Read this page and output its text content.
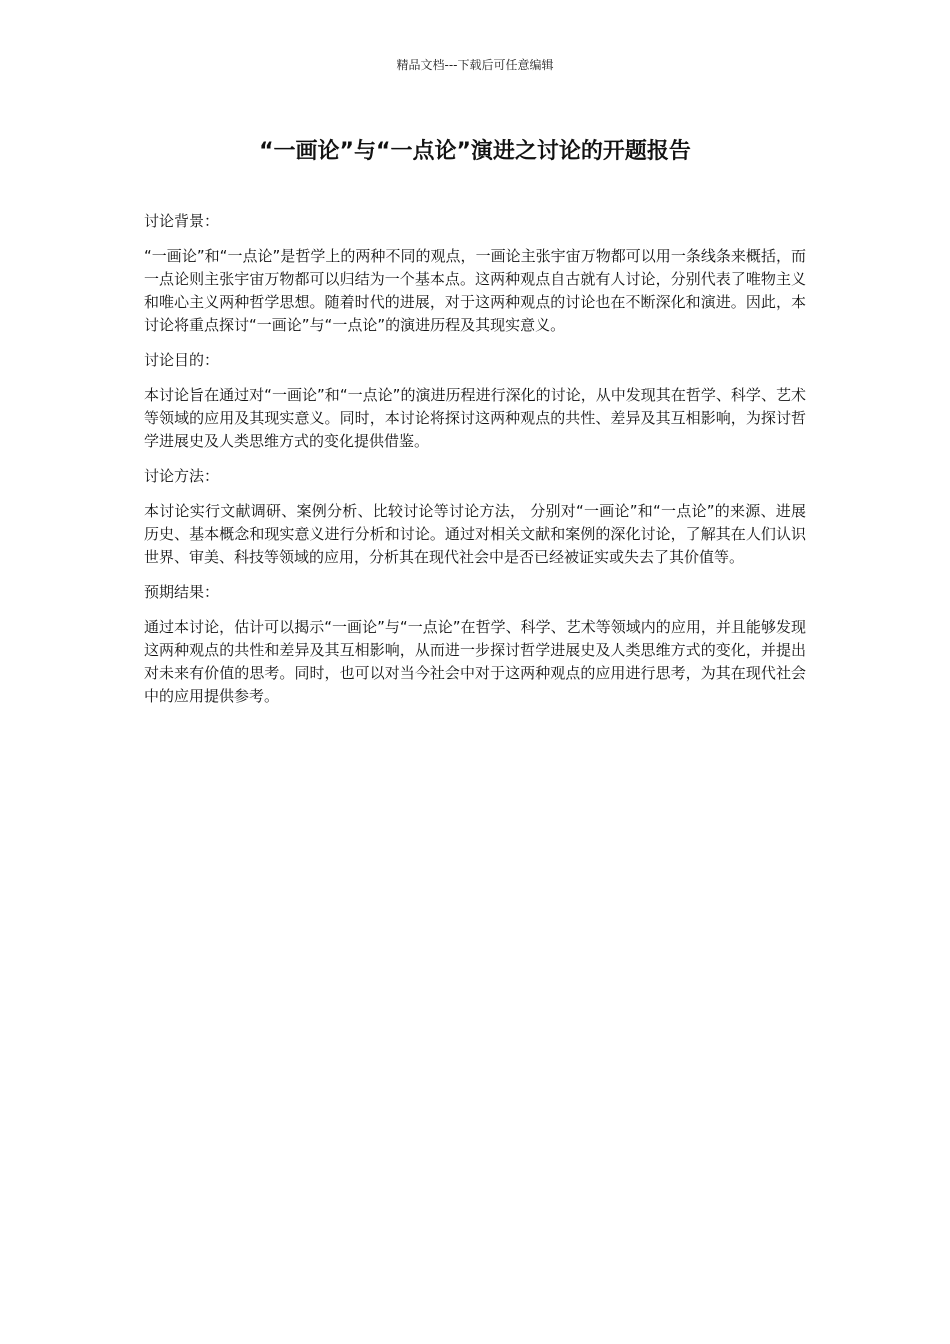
精品文档---下载后可任意编辑
“一画论”与“一点论”演进之讨论的开题报告

讨论背景：

“一画论”和“一点论”是哲学上的两种不同的观点，一画论主张宇宙万物都可以用一条线条来概括，而一点论则主张宇宙万物都可以归结为一个基本点。这两种观点自古就有人讨论，分别代表了唯物主义和唯心主义两种哲学思想。随着时代的进展，对于这两种观点的讨论也在不断深化和演进。因此，本讨论将重点探讨“一画论”与“一点论”的演进历程及其现实意义。

讨论目的：

本讨论旨在通过对“一画论”和“一点论”的演进历程进行深化的讨论，从中发现其在哲学、科学、艺术等领域的应用及其现实意义。同时，本讨论将探讨这两种观点的共性、差异及其互相影响，为探讨哲学进展史及人类思维方式的变化提供借鉴。

讨论方法：

本讨论实行文献调研、案例分析、比较讨论等讨论方法， 分别对“一画论”和“一点论”的来源、进展历史、基本概念和现实意义进行分析和讨论。通过对相关文献和案例的深化讨论，了解其在人们认识世界、审美、科技等领域的应用，分析其在现代社会中是否已经被证实或失去了其价值等。

预期结果：

通过本讨论，估计可以揭示“一画论”与“一点论”在哲学、科学、艺术等领域内的应用，并且能够发现这两种观点的共性和差异及其互相影响，从而进一步探讨哲学进展史及人类思维方式的变化，并提出对未来有价值的思考。同时，也可以对当今社会中对于这两种观点的应用进行思考，为其在现代社会中的应用提供参考。
